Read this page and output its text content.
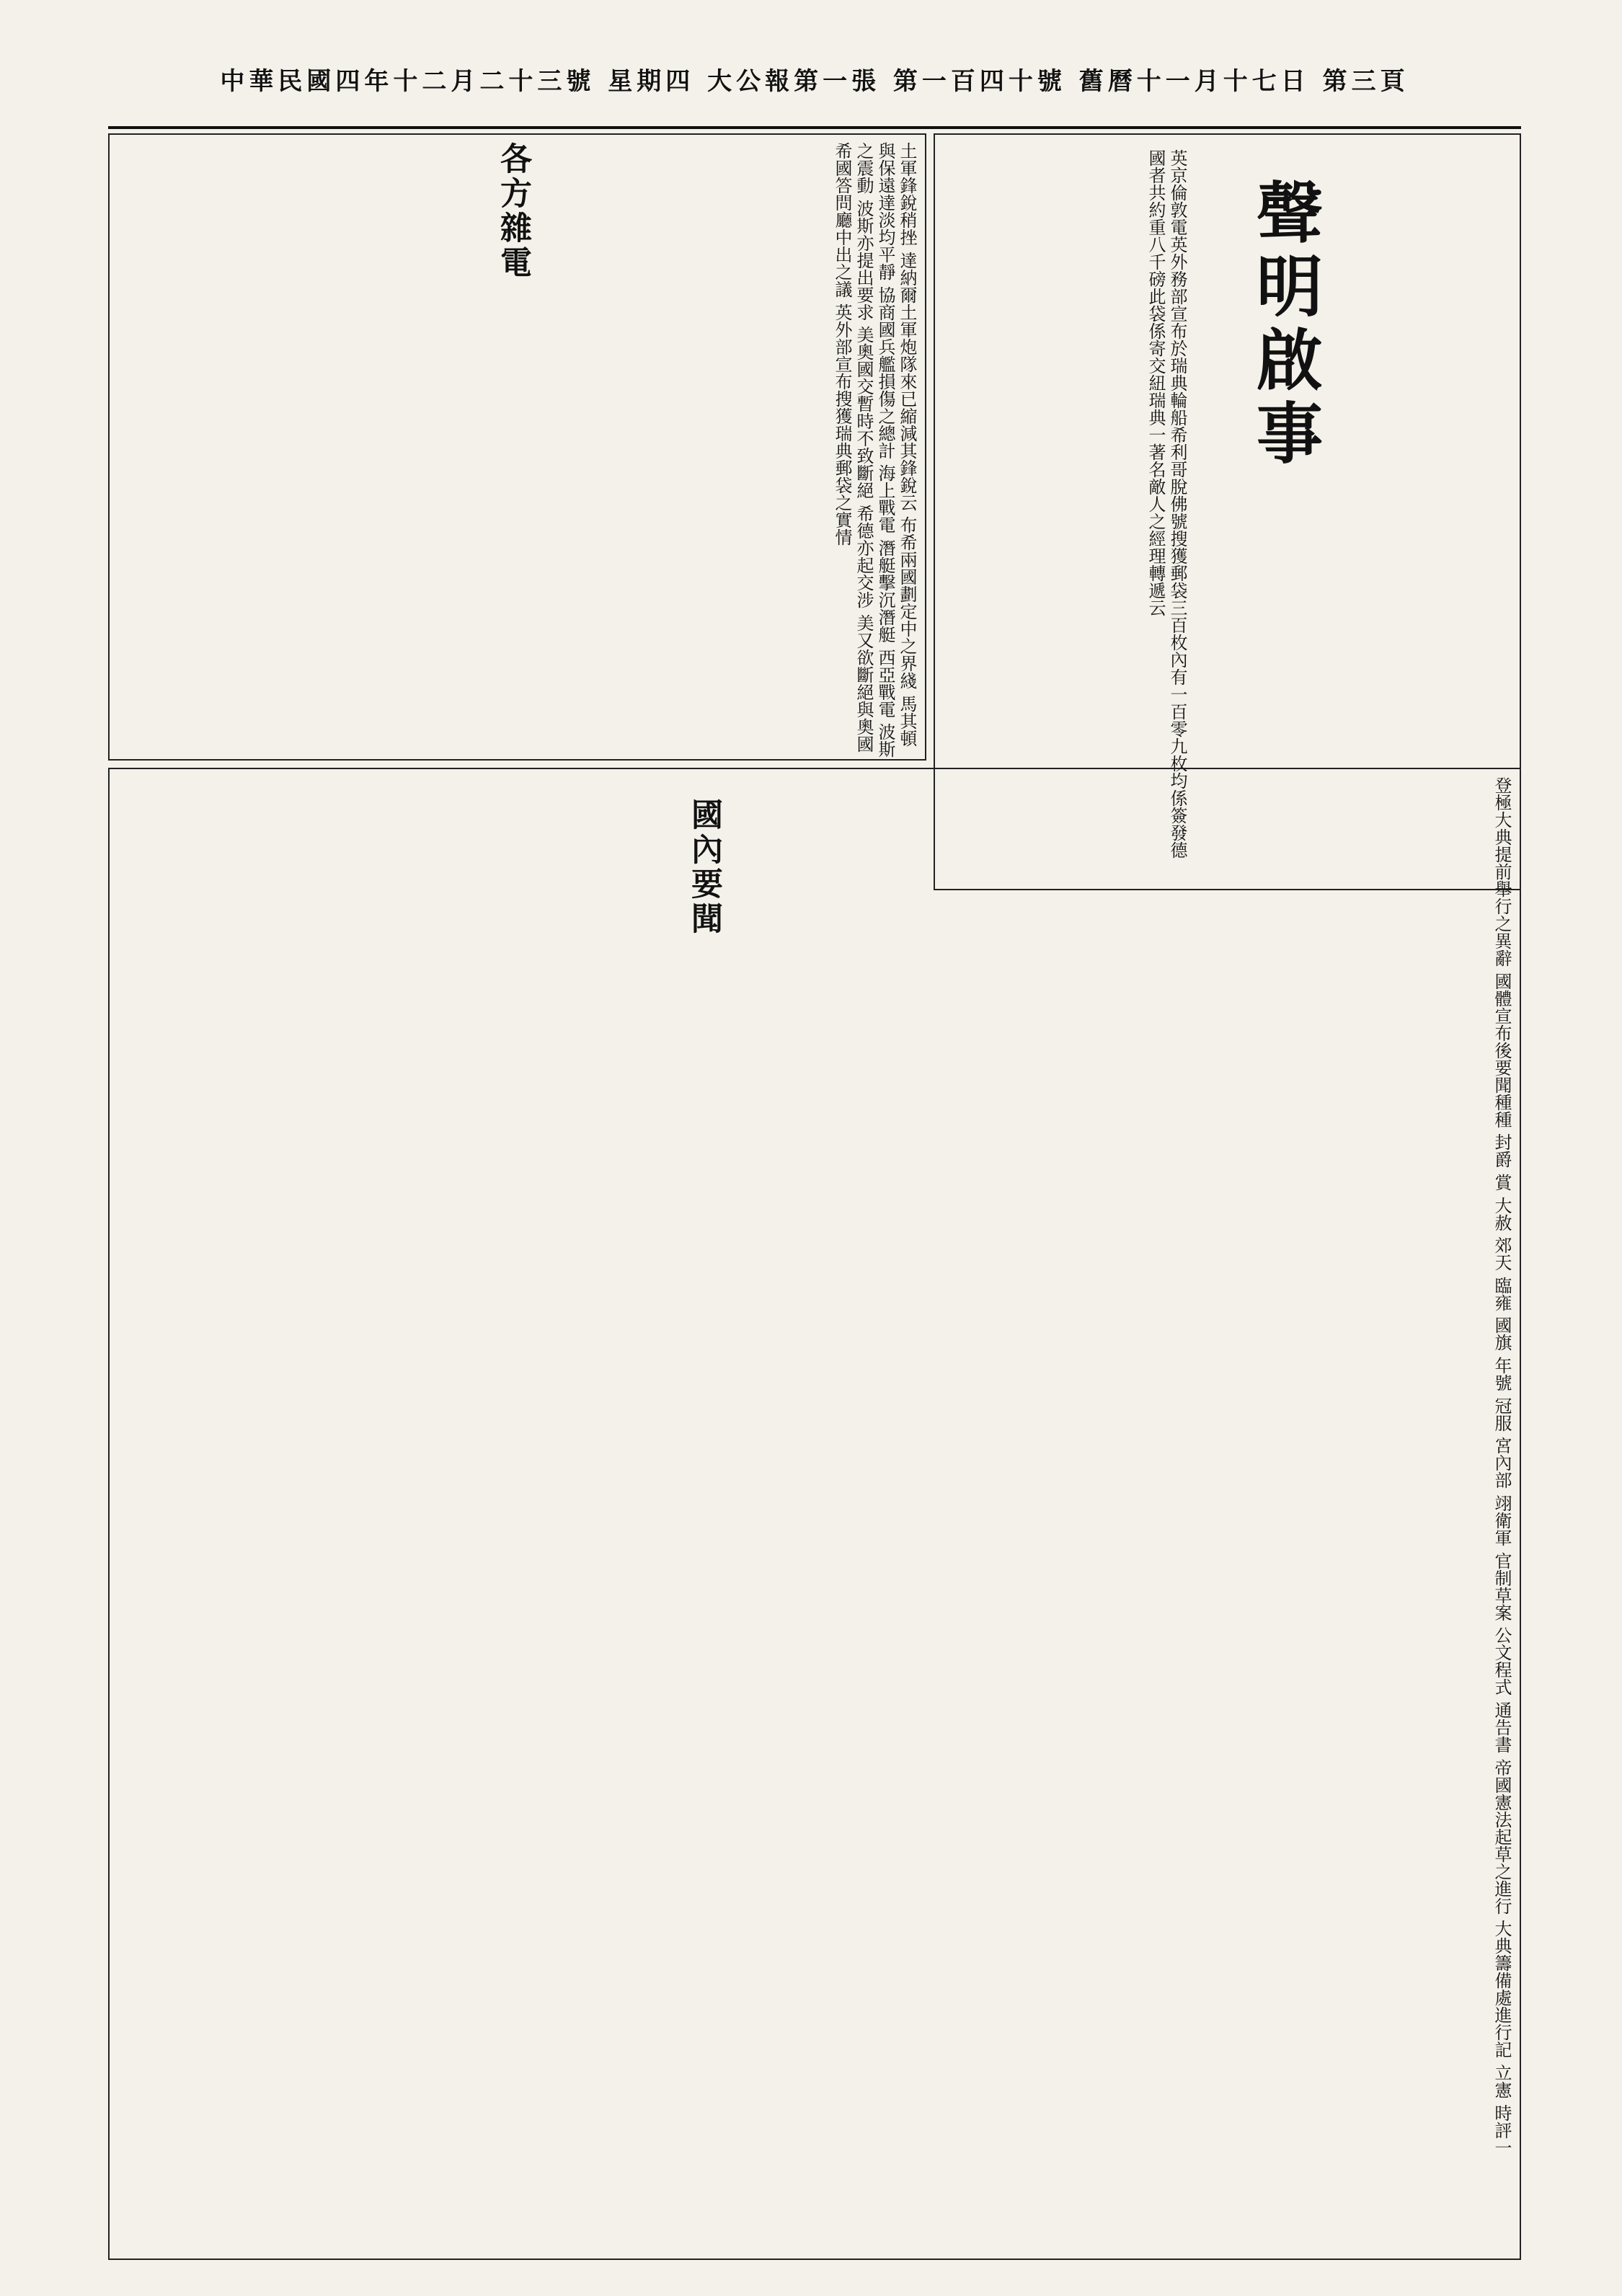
中華民國四年十二月二十三號 星期四 大公報第一張 第一百四十號 舊曆十一月十七日 第三頁
各方雜電	土軍鋒銳稍挫 達納爾土軍炮隊來已縮減其鋒銳云 布希兩國劃定中之界綫 馬其頓與保遠達淡均平靜 協商國兵艦損傷之總計 海上戰電 潛艇擊沉潛艇 西亞戰電 波斯之震動 波斯亦提出要求 美奧國交暫時不致斷絕 希德亦起交涉 美又欲斷絕與奧國 希國答問廳中出之議 英外部宣布搜獲瑞典郵袋之實情	聲明啟事
英京倫敦電英外務部宣布於瑞典輪船希利哥脫佛號搜獲郵袋三百枚內有一百零九枚均係簽發德國者共約重八千磅此袋係寄交紐瑞典一著名敵人之經理轉遞云
國內要聞	登極大典提前舉行之異辭 國體宣布後要聞種種 封爵 賞 大赦 郊天 臨雍 國旗 年號 冠服 宮內部 翊衛軍 官制草案 公文程式 通告書 帝國憲法起草之進行 大典籌備處進行記 立憲 時評一
